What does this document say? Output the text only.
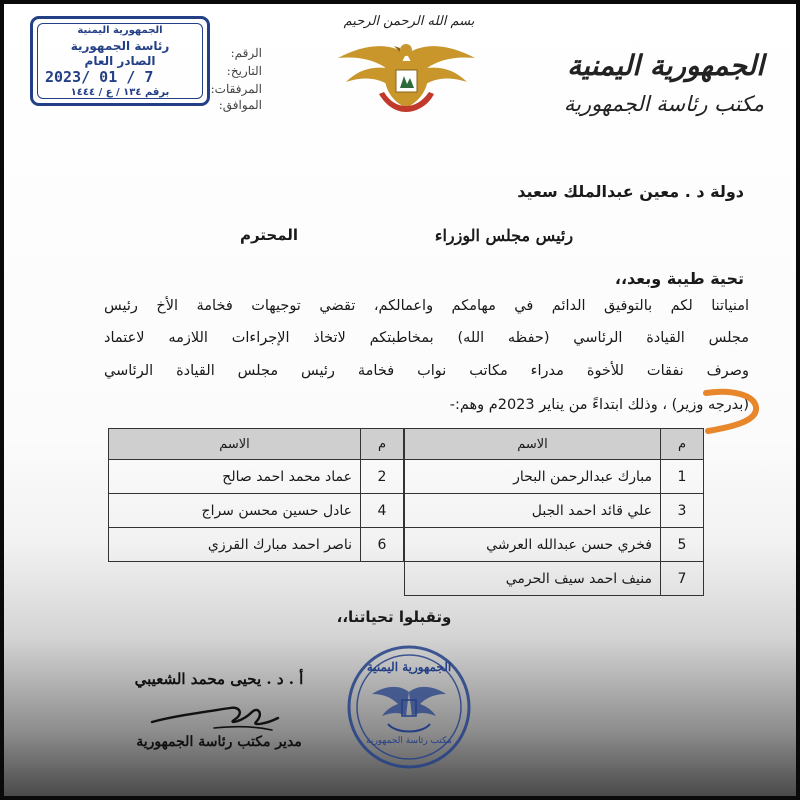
الجمهورية اليمنية
رئاسة الجمهورية
الصادر العام
2023/ 01 / 7
برقم ١٣٤ / ع / ١٤٤٤
الرقم:
التاريخ:
المرفقات:
الموافق:
بسم الله الرحمن الرحيم
الجمهورية اليمنية
مكتب رئاسة الجمهورية
دولة د . معين عبدالملك سعيد
رئيس مجلس الوزراء
المحترم
تحية طيبة وبعد،،
امنياتنا لكم بالتوفيق الدائم في مهامكم واعمالكم، تقضي توجيهات فخامة الأخ رئيس
مجلس القيادة الرئاسي (حفظه الله) بمخاطبتكم لاتخاذ الإجراءات اللازمه لاعتماد
وصرف نفقات للأخوة مدراء مكاتب نواب فخامة رئيس مجلس القيادة الرئاسي
(بدرجه وزير) ، وذلك ابتداءً من يناير 2023م وهم:-
م	الاسم
1	مبارك عبدالرحمن البحار
3	علي قائد احمد الجبل
5	فخري حسن عبدالله العرشي
7	منيف احمد سيف الحرمي
م	الاسم
2	عماد محمد احمد صالح
4	عادل حسين محسن سراج
6	ناصر احمد مبارك القرزي
وتقبلوا تحياتنا،،
الجمهورية اليمنية
مكتب رئاسة الجمهورية
أ . د . يحيى محمد الشعيبي
مدير مكتب رئاسة الجمهورية
